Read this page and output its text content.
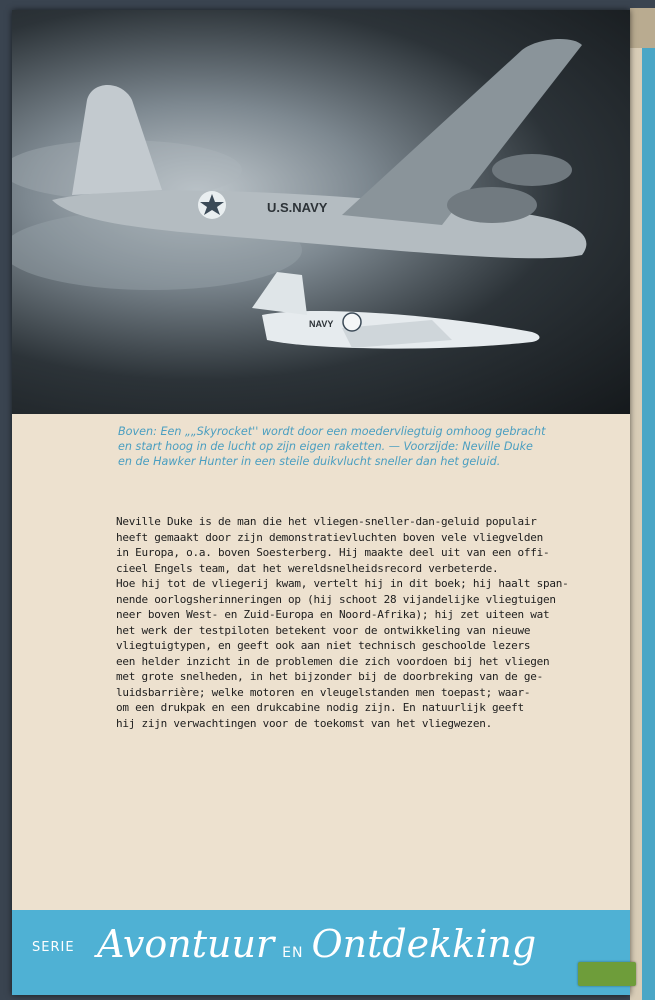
U.S.NAVY
NAVY
Boven: Een „„Skyrocket'' wordt door een moedervliegtuig omhoog gebracht
en start hoog in de lucht op zijn eigen raketten. — Voorzijde: Neville Duke
en de Hawker Hunter in een steile duikvlucht sneller dan het geluid.

Neville Duke is de man die het vliegen-sneller-dan-geluid populair

heeft gemaakt door zijn demonstratievluchten boven vele vliegvelden

in Europa, o.a. boven Soesterberg. Hij maakte deel uit van een offi-

cieel Engels team, dat het wereldsnelheidsrecord verbeterde.

Hoe hij tot de vliegerij kwam, vertelt hij in dit boek; hij haalt span-

nende oorlogsherinneringen op (hij schoot 28 vijandelijke vliegtuigen

neer boven West- en Zuid-Europa en Noord-Afrika); hij zet uiteen wat

het werk der testpiloten betekent voor de ontwikkeling van nieuwe

vliegtuigtypen, en geeft ook aan niet technisch geschoolde lezers

een helder inzicht in de problemen die zich voordoen bij het vliegen

met grote snelheden, in het bijzonder bij de doorbreking van de ge-

luidsbarrière; welke motoren en vleugelstanden men toepast; waar-

om een drukpak en een drukcabine nodig zijn. En natuurlijk geeft

hij zijn verwachtingen voor de toekomst van het vliegwezen.

SERIE Avontuur EN Ontdekking
